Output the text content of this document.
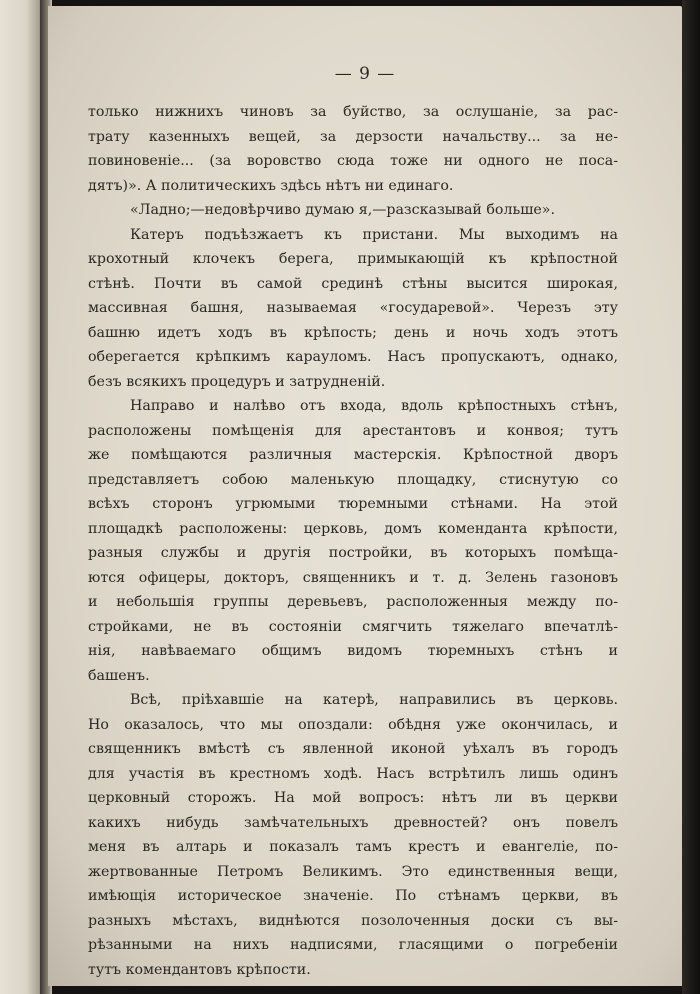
— 9 —
только нижнихъ чиновъ за буйство, за ослушаніе, за рас-
трату казенныхъ вещей, за дерзости начальству... за не-
повиновеніе... (за воровство сюда тоже ни одного не поса-
дятъ)». А политическихъ здѣсь нѣтъ ни единаго.
«Ладно;—недовѣрчиво думаю я,—разсказывай больше».
Катеръ подъѣзжаетъ къ пристани. Мы выходимъ на
крохотный клочекъ берега, примыкающій къ крѣпостной
стѣнѣ. Почти въ самой срединѣ стѣны высится широкая,
массивная башня, называемая «государевой». Черезъ эту
башню идетъ ходъ въ крѣпость; день и ночь ходъ этотъ
оберегается крѣпкимъ карауломъ. Насъ пропускаютъ, однако,
безъ всякихъ процедуръ и затрудненій.
Направо и налѣво отъ входа, вдоль крѣпостныхъ стѣнъ,
расположены помѣщенія для арестантовъ и конвоя; тутъ
же помѣщаются различныя мастерскія. Крѣпостной дворъ
представляетъ собою маленькую площадку, стиснутую со
всѣхъ сторонъ угрюмыми тюремными стѣнами. На этой
площадкѣ расположены: церковь, домъ коменданта крѣпости,
разныя службы и другія постройки, въ которыхъ помѣща-
ются офицеры, докторъ, священникъ и т. д. Зелень газоновъ
и небольшія группы деревьевъ, расположенныя между по-
стройками, не въ состояніи смягчить тяжелаго впечатлѣ-
нія, навѣваемаго общимъ видомъ тюремныхъ стѣнъ и
башенъ.
Всѣ, пріѣхавшіе на катерѣ, направились въ церковь.
Но оказалось, что мы опоздали: обѣдня уже окончилась, и
священникъ вмѣстѣ съ явленной иконой уѣхалъ въ городъ
для участія въ крестномъ ходѣ. Насъ встрѣтилъ лишь одинъ
церковный сторожъ. На мой вопросъ: нѣтъ ли въ церкви
какихъ нибудь замѣчательныхъ древностей? онъ повелъ
меня въ алтарь и показалъ тамъ крестъ и евангеліе, по-
жертвованные Петромъ Великимъ. Это единственныя вещи,
имѣющія историческое значеніе. По стѣнамъ церкви, въ
разныхъ мѣстахъ, виднѣются позолоченныя доски съ вы-
рѣзанными на нихъ надписями, гласящими о погребеніи
тутъ комендантовъ крѣпости.
